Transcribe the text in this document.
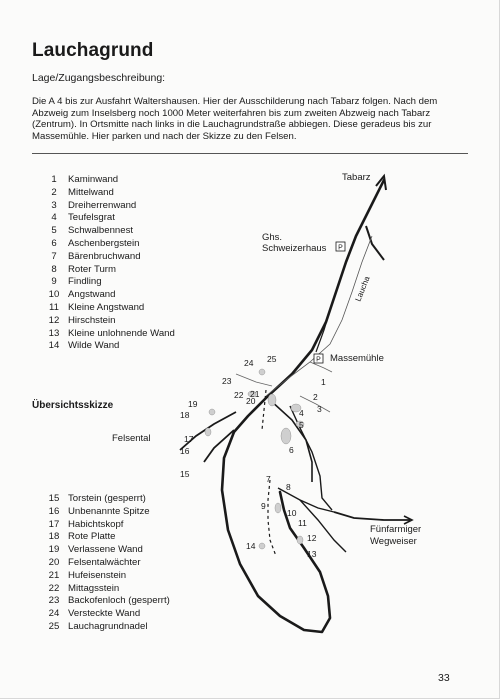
Lauchagrund
Lage/Zugangsbeschreibung:
Die A 4 bis zur Ausfahrt Waltershausen. Hier der Ausschilderung nach Tabarz folgen. Nach dem Abzweig zum Inselsberg noch 1000 Meter weiterfahren bis zum zweiten Abzweig nach Tabarz (Zentrum). In Ortsmitte nach links in die Lauchagrundstraße abbiegen. Diese geradeus bis zur Massemühle. Hier parken und nach der Skizze zu den Felsen.
1	Kaminwand
2	Mittelwand
3	Dreiherrenwand
4	Teufelsgrat
5	Schwalbennest
6	Aschenbergstein
7	Bärenbruchwand
8	Roter Turm
9	Findling
10 Angstwand
11 Kleine Angstwand
12 Hirschstein
13 Kleine unlohnende Wand
14 Wilde Wand
Übersichtsskizze
15 Torstein (gesperrt)
16 Unbenannte Spitze
17 Habichtskopf
18 Rote Platte
19 Verlassene Wand
20 Felsentalwächter
21 Hufeisenstein
22 Mittagsstein
23 Backofenloch (gesperrt)
24 Versteckte Wand
25 Lauchagrundnadel
P
P
Tabarz
Ghs.
Schweizerhaus
Laucha
Massemühle
Felsental
Fünfarmiger
Wegweiser
1
2
3
4
5
6
7
8
9
10
11
12
13
14
15
16
17
18
19	20
21
22
23
24 25
33
